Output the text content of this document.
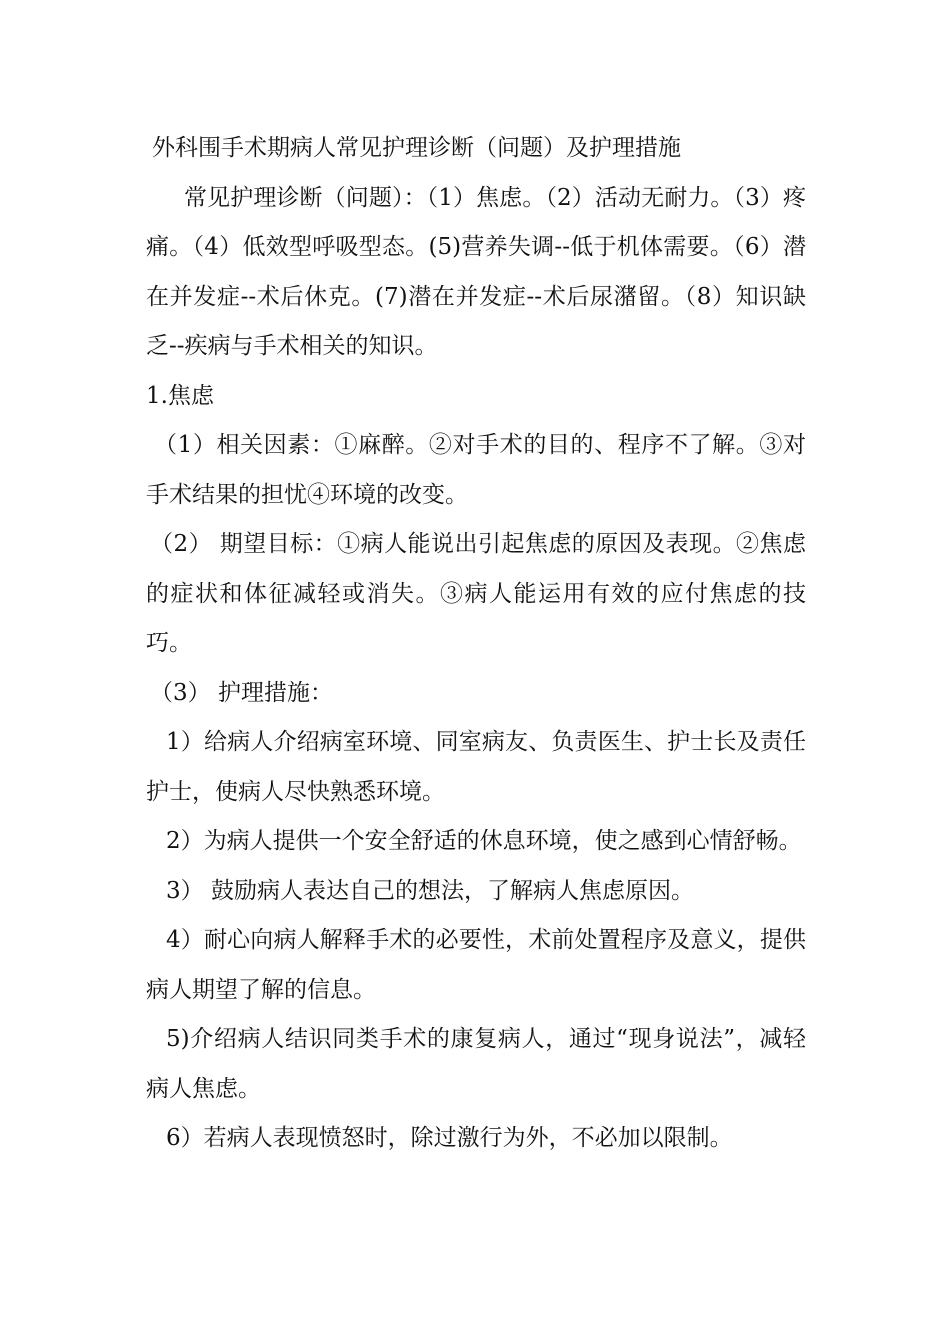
外科围手术期病人常见护理诊断（问题）及护理措施

常见护理诊断（问题）：（1）焦虑。（2）活动无耐力。（3）疼痛。（4）低效型呼吸型态。(5)营养失调--低于机体需要。（6）潜在并发症--术后休克。(7)潜在并发症--术后尿潴留。（8）知识缺乏--疾病与手术相关的知识。

1.焦虑

（1）相关因素：①麻醉。②对手术的目的、程序不了解。③对手术结果的担忧④环境的改变。

（2） 期望目标：①病人能说出引起焦虑的原因及表现。②焦虑的症状和体征减轻或消失。③病人能运用有效的应付焦虑的技巧。

（3） 护理措施：

1）给病人介绍病室环境、同室病友、负责医生、护士长及责任护士，使病人尽快熟悉环境。

2）为病人提供一个安全舒适的休息环境，使之感到心情舒畅。

3） 鼓励病人表达自己的想法，了解病人焦虑原因。

4）耐心向病人解释手术的必要性，术前处置程序及意义，提供病人期望了解的信息。

5)介绍病人结识同类手术的康复病人，通过“现身说法”，减轻病人焦虑。

6）若病人表现愤怒时，除过激行为外，不必加以限制。
